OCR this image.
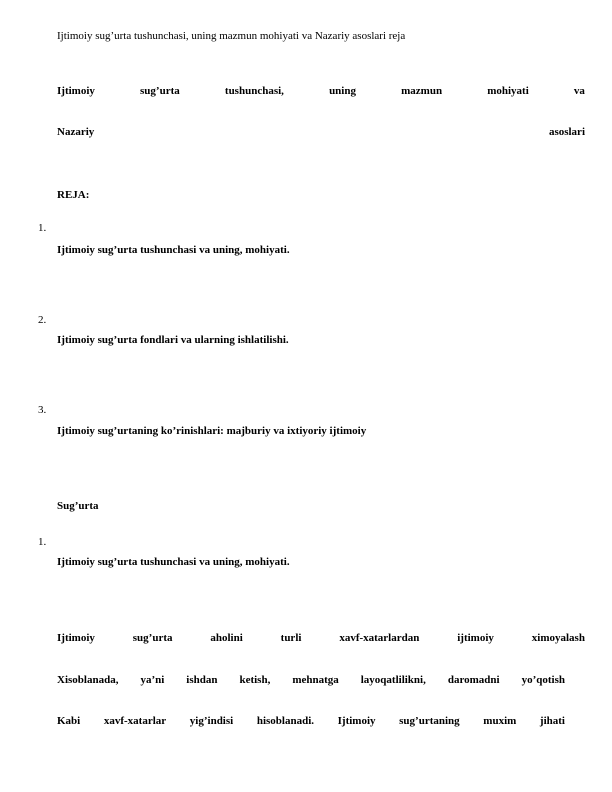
Ijtimoiy sug’urta tushunchasi, uning mazmun mohiyati va Nazariy asoslari reja
Ijtimoiy	sug’urta	tushunchasi,	uning	mazmun	mohiyati	va
Nazariy	asoslari
REJA:
1.
Ijtimoiy sug’urta tushunchasi va uning, mohiyati.
2.
Ijtimoiy sug’urta fondlari va ularning ishlatilishi.
3.
Ijtimoiy sug’urtaning ko’rinishlari: majburiy va ixtiyoriy ijtimoiy
Sug’urta
1.
Ijtimoiy sug’urta tushunchasi va uning, mohiyati.
Ijtimoiy	sug’urta	aholini	turli	xavf-xatarlardan	ijtimoiy	ximoyalash
Xisoblanada, ya’ni ishdan ketish, mehnatga layoqatlilikni, daromadni yo’qotish
Kabi xavf-xatarlar yig’indisi hisoblanadi. Ijtimoiy sug’urtaning muxim jihati
